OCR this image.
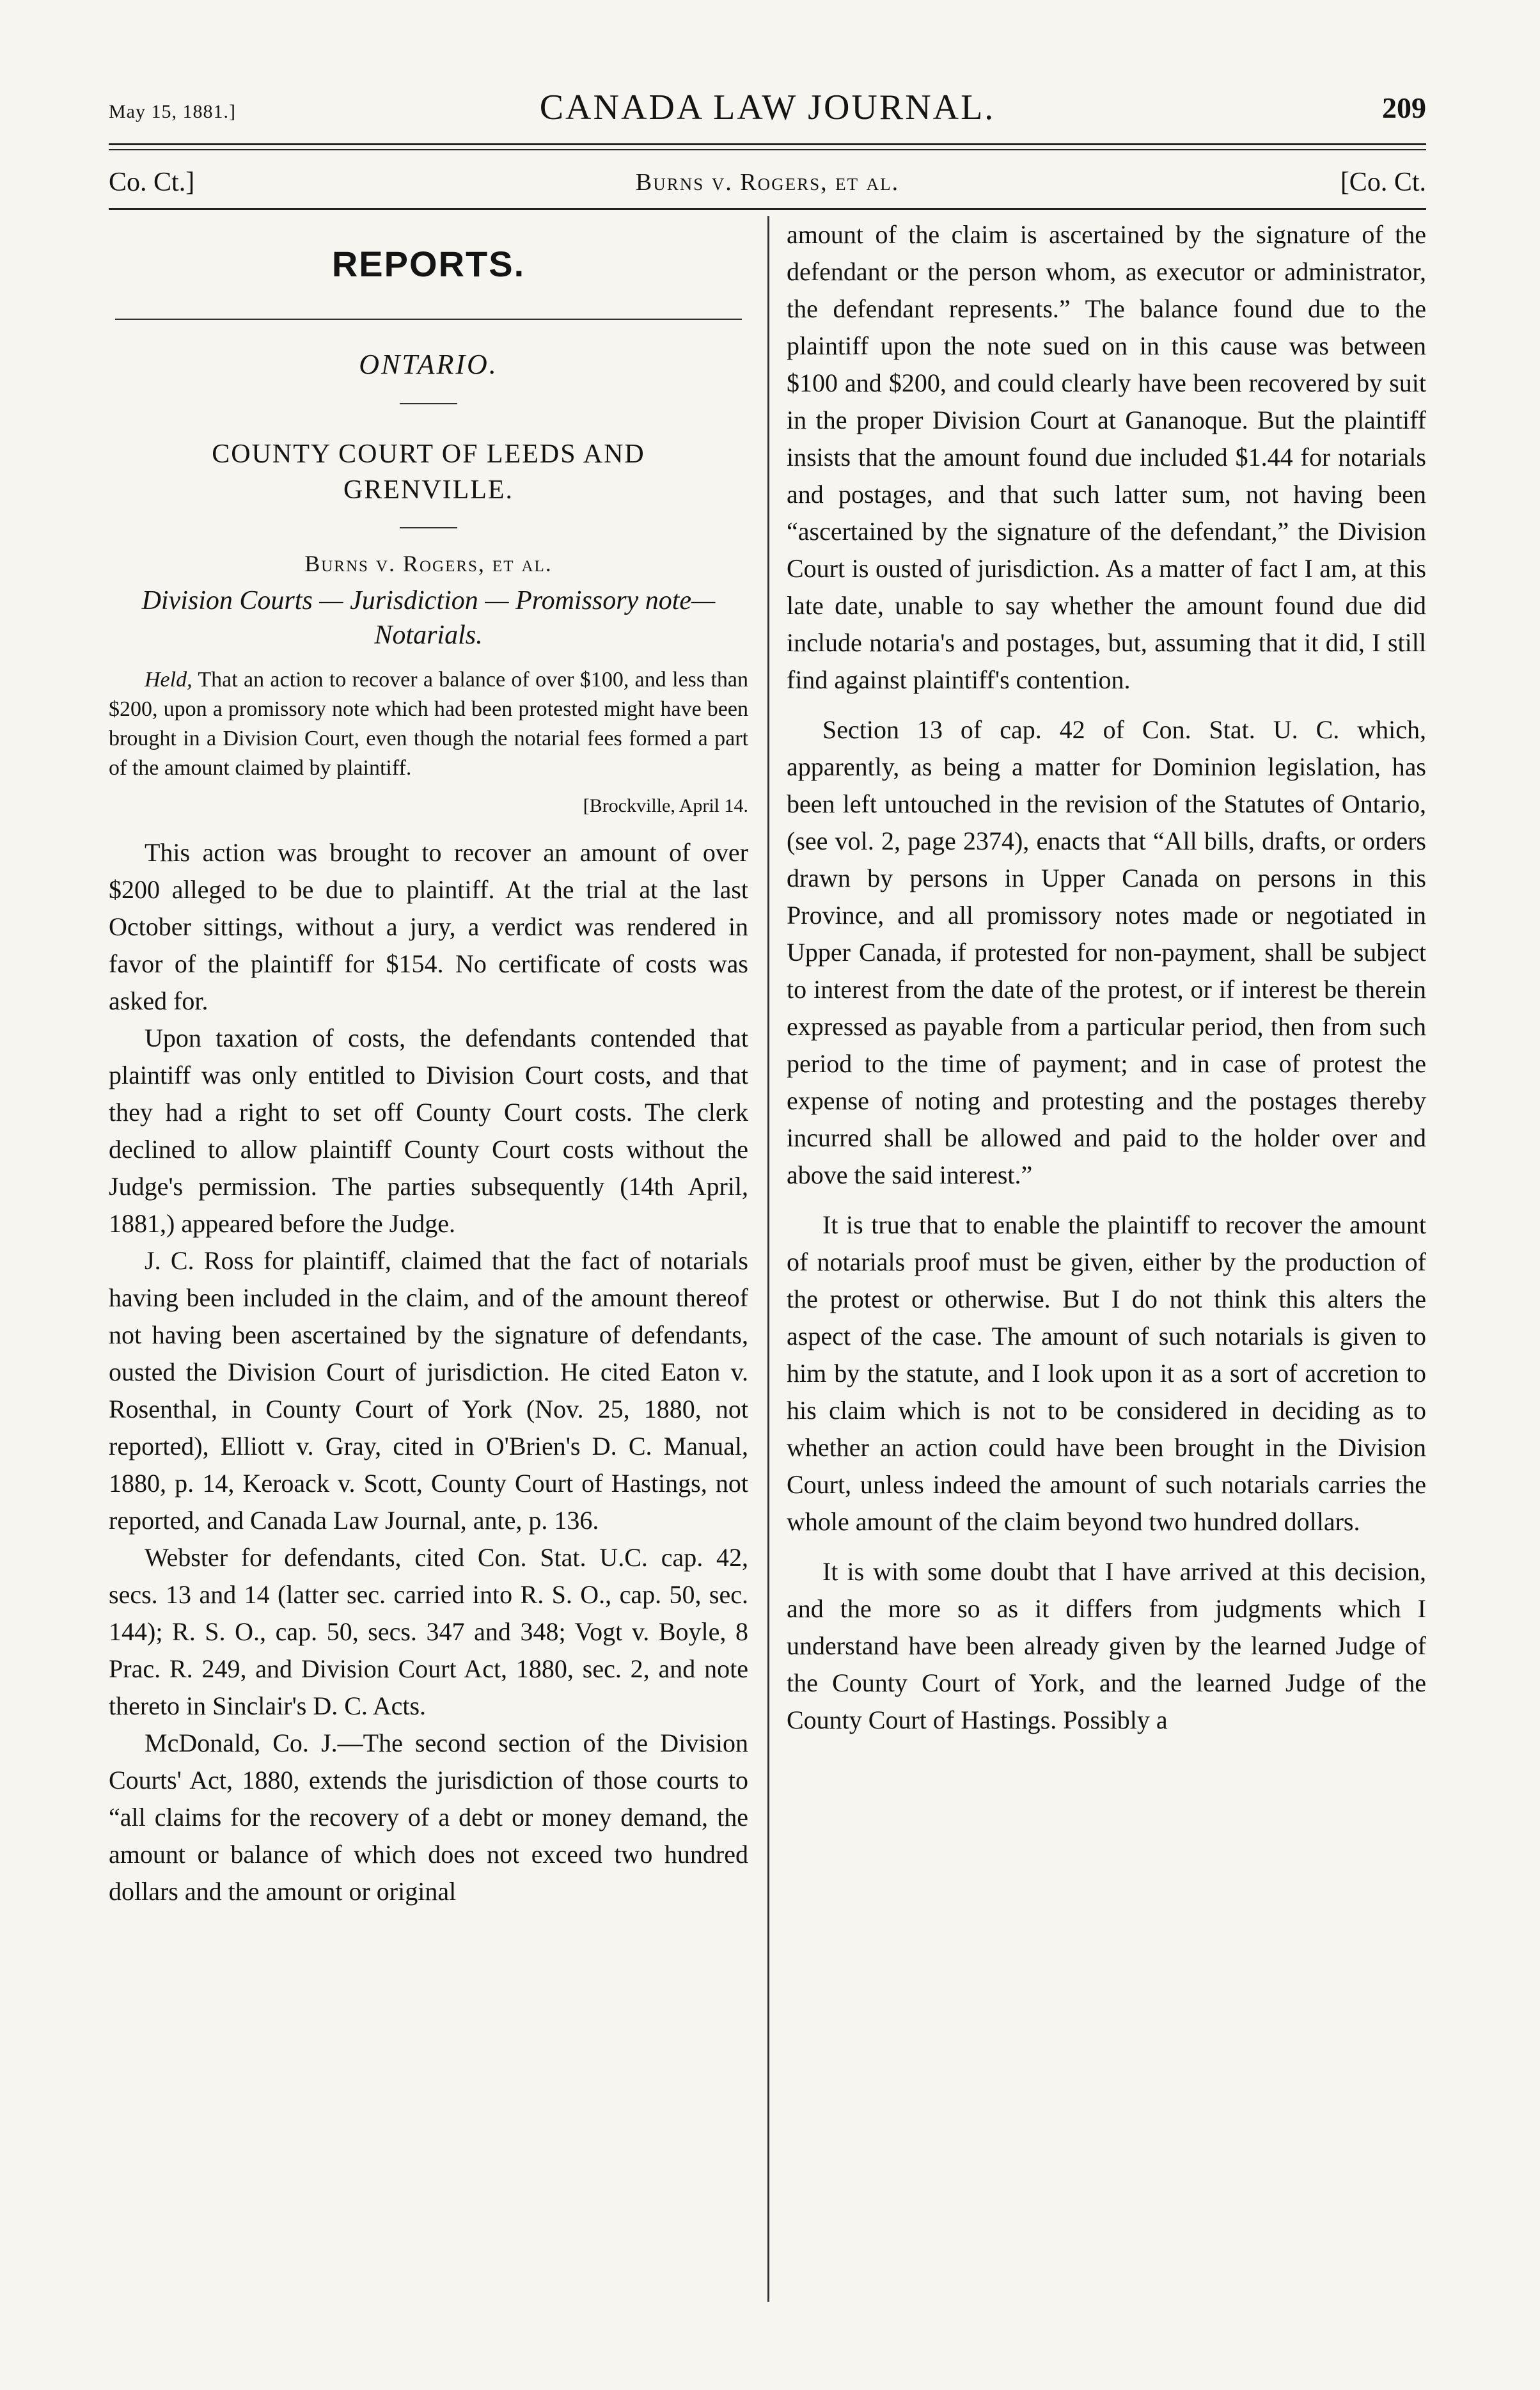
May 15, 1881.]	CANADA LAW JOURNAL.	209
Co. Ct.]	Burns v. Rogers, et al.	[Co. Ct.
REPORTS.
ONTARIO.
COUNTY COURT OF LEEDS AND GRENVILLE.
Burns v. Rogers, et al.
Division Courts — Jurisdiction — Promissory note—Notarials.
Held, That an action to recover a balance of over $100, and less than $200, upon a promissory note which had been protested might have been brought in a Division Court, even though the notarial fees formed a part of the amount claimed by plaintiff.
[Brockville, April 14.

This action was brought to recover an amount of over $200 alleged to be due to plaintiff. At the trial at the last October sittings, without a jury, a verdict was rendered in favor of the plaintiff for $154. No certificate of costs was asked for.

Upon taxation of costs, the defendants contended that plaintiff was only entitled to Division Court costs, and that they had a right to set off County Court costs. The clerk declined to allow plaintiff County Court costs without the Judge's permission. The parties subsequently (14th April, 1881,) appeared before the Judge.

J. C. Ross for plaintiff, claimed that the fact of notarials having been included in the claim, and of the amount thereof not having been ascertained by the signature of defendants, ousted the Division Court of jurisdiction. He cited Eaton v. Rosenthal, in County Court of York (Nov. 25, 1880, not reported), Elliott v. Gray, cited in O'Brien's D. C. Manual, 1880, p. 14, Keroack v. Scott, County Court of Hastings, not reported, and Canada Law Journal, ante, p. 136.

Webster for defendants, cited Con. Stat. U.C. cap. 42, secs. 13 and 14 (latter sec. carried into R. S. O., cap. 50, sec. 144); R. S. O., cap. 50, secs. 347 and 348; Vogt v. Boyle, 8 Prac. R. 249, and Division Court Act, 1880, sec. 2, and note thereto in Sinclair's D. C. Acts.

McDonald, Co. J.—The second section of the Division Courts' Act, 1880, extends the jurisdiction of those courts to “all claims for the recovery of a debt or money demand, the amount or balance of which does not exceed two hundred dollars and the amount or original

amount of the claim is ascertained by the signature of the defendant or the person whom, as executor or administrator, the defendant represents.” The balance found due to the plaintiff upon the note sued on in this cause was between $100 and $200, and could clearly have been recovered by suit in the proper Division Court at Gananoque. But the plaintiff insists that the amount found due included $1.44 for notarials and postages, and that such latter sum, not having been “ascertained by the signature of the defendant,” the Division Court is ousted of jurisdiction. As a matter of fact I am, at this late date, unable to say whether the amount found due did include notaria's and postages, but, assuming that it did, I still find against plaintiff's contention.

Section 13 of cap. 42 of Con. Stat. U. C. which, apparently, as being a matter for Dominion legislation, has been left untouched in the revision of the Statutes of Ontario, (see vol. 2, page 2374), enacts that “All bills, drafts, or orders drawn by persons in Upper Canada on persons in this Province, and all promissory notes made or negotiated in Upper Canada, if protested for non-payment, shall be subject to interest from the date of the protest, or if interest be therein expressed as payable from a particular period, then from such period to the time of payment; and in case of protest the expense of noting and protesting and the postages thereby incurred shall be allowed and paid to the holder over and above the said interest.”

It is true that to enable the plaintiff to recover the amount of notarials proof must be given, either by the production of the protest or otherwise. But I do not think this alters the aspect of the case. The amount of such notarials is given to him by the statute, and I look upon it as a sort of accretion to his claim which is not to be considered in deciding as to whether an action could have been brought in the Division Court, unless indeed the amount of such notarials carries the whole amount of the claim beyond two hundred dollars.

It is with some doubt that I have arrived at this decision, and the more so as it differs from judgments which I understand have been already given by the learned Judge of the County Court of York, and the learned Judge of the County Court of Hastings. Possibly a
